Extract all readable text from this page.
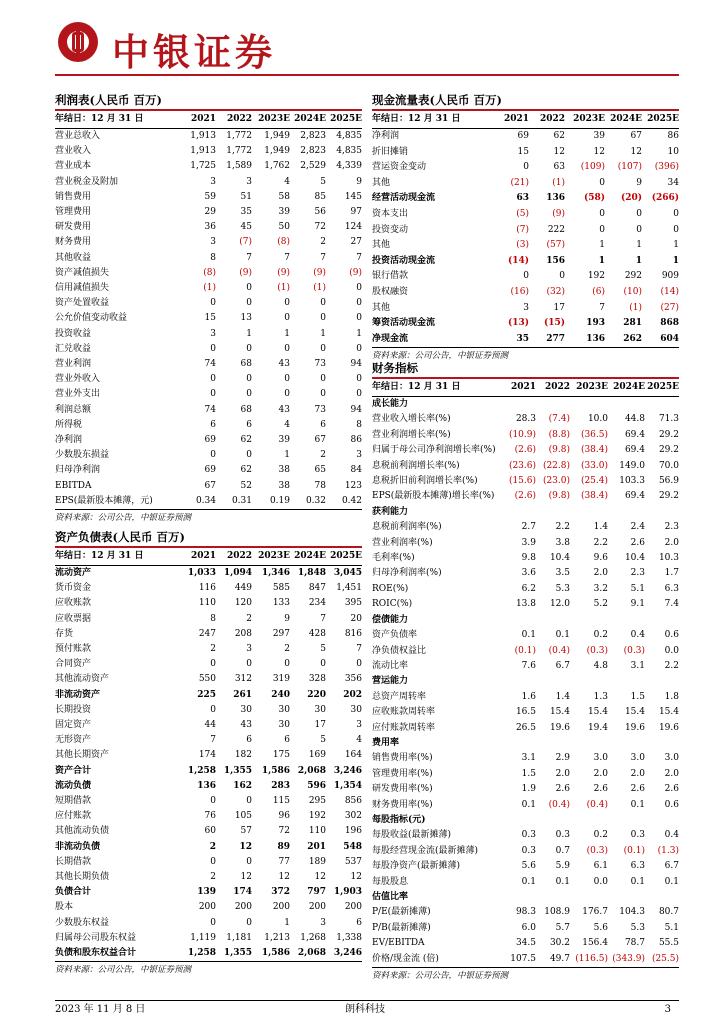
中银证券
利润表(人民币 百万)
年结日：12 月 31 日	2021	2022	2023E	2024E	2025E
营业总收入	1,913	1,772	1,949	2,823	4,835
营业收入	1,913	1,772	1,949	2,823	4,835
营业成本	1,725	1,589	1,762	2,529	4,339
营业税金及附加	3	3	4	5	9
销售费用	59	51	58	85	145
管理费用	29	35	39	56	97
研发费用	36	45	50	72	124
财务费用	3	(7)	(8)	2	27
其他收益	8	7	7	7	7
资产减值损失	(8)	(9)	(9)	(9)	(9)
信用减值损失	(1)	0	(1)	(1)	0
资产处置收益	0	0	0	0	0
公允价值变动收益	15	13	0	0	0
投资收益	3	1	1	1	1
汇兑收益	0	0	0	0	0
营业利润	74	68	43	73	94
营业外收入	0	0	0	0	0
营业外支出	0	0	0	0	0
利润总额	74	68	43	73	94
所得税	6	6	4	6	8
净利润	69	62	39	67	86
少数股东损益	0	0	1	2	3
归母净利润	69	62	38	65	84
EBITDA	67	52	38	78	123
EPS(最新股本摊薄，元)	0.34	0.31	0.19	0.32	0.42
资料来源：公司公告，中银证券预测
资产负债表(人民币 百万)
年结日：12 月 31 日	2021	2022	2023E	2024E	2025E
流动资产	1,033	1,094	1,346	1,848	3,045
货币资金	116	449	585	847	1,451
应收账款	110	120	133	234	395
应收票据	8	2	9	7	20
存货	247	208	297	428	816
预付账款	2	3	2	5	7
合同资产	0	0	0	0	0
其他流动资产	550	312	319	328	356
非流动资产	225	261	240	220	202
长期投资	0	30	30	30	30
固定资产	44	43	30	17	3
无形资产	7	6	6	5	4
其他长期资产	174	182	175	169	164
资产合计	1,258	1,355	1,586	2,068	3,246
流动负债	136	162	283	596	1,354
短期借款	0	0	115	295	856
应付账款	76	105	96	192	302
其他流动负债	60	57	72	110	196
非流动负债	2	12	89	201	548
长期借款	0	0	77	189	537
其他长期负债	2	12	12	12	12
负债合计	139	174	372	797	1,903
股本	200	200	200	200	200
少数股东权益	0	0	1	3	6
归属母公司股东权益	1,119	1,181	1,213	1,268	1,338
负债和股东权益合计	1,258	1,355	1,586	2,068	3,246
资料来源：公司公告，中银证券预测
现金流量表(人民币 百万)
年结日：12 月 31 日	2021	2022	2023E	2024E	2025E
净利润	69	62	39	67	86
折旧摊销	15	12	12	12	10
营运资金变动	0	63	(109)	(107)	(396)
其他	(21)	(1)	0	9	34
经营活动现金流	63	136	(58)	(20)	(266)
资本支出	(5)	(9)	0	0	0
投资变动	(7)	222	0	0	0
其他	(3)	(57)	1	1	1
投资活动现金流	(14)	156	1	1	1
银行借款	0	0	192	292	909
股权融资	(16)	(32)	(6)	(10)	(14)
其他	3	17	7	(1)	(27)
筹资活动现金流	(13)	(15)	193	281	868
净现金流	35	277	136	262	604
资料来源：公司公告，中银证券预测
财务指标
年结日：12 月 31 日	2021	2022	2023E	2024E	2025E
成长能力					
营业收入增长率(%)	28.3	(7.4)	10.0	44.8	71.3
营业利润增长率(%)	(10.9)	(8.8)	(36.5)	69.4	29.2
归属于母公司净利润增长率(%)	(2.6)	(9.8)	(38.4)	69.4	29.2
息税前利润增长率(%)	(23.6)	(22.8)	(33.0)	149.0	70.0
息税折旧前利润增长率(%)	(15.6)	(23.0)	(25.4)	103.3	56.9
EPS(最新股本摊薄)增长率(%)	(2.6)	(9.8)	(38.4)	69.4	29.2
获利能力					
息税前利润率(%)	2.7	2.2	1.4	2.4	2.3
营业利润率(%)	3.9	3.8	2.2	2.6	2.0
毛利率(%)	9.8	10.4	9.6	10.4	10.3
归母净利润率(%)	3.6	3.5	2.0	2.3	1.7
ROE(%)	6.2	5.3	3.2	5.1	6.3
ROIC(%)	13.8	12.0	5.2	9.1	7.4
偿债能力					
资产负债率	0.1	0.1	0.2	0.4	0.6
净负债权益比	(0.1)	(0.4)	(0.3)	(0.3)	0.0
流动比率	7.6	6.7	4.8	3.1	2.2
营运能力					
总资产周转率	1.6	1.4	1.3	1.5	1.8
应收账款周转率	16.5	15.4	15.4	15.4	15.4
应付账款周转率	26.5	19.6	19.4	19.6	19.6
费用率					
销售费用率(%)	3.1	2.9	3.0	3.0	3.0
管理费用率(%)	1.5	2.0	2.0	2.0	2.0
研发费用率(%)	1.9	2.6	2.6	2.6	2.6
财务费用率(%)	0.1	(0.4)	(0.4)	0.1	0.6
每股指标(元)					
每股收益(最新摊薄)	0.3	0.3	0.2	0.3	0.4
每股经营现金流(最新摊薄)	0.3	0.7	(0.3)	(0.1)	(1.3)
每股净资产(最新摊薄)	5.6	5.9	6.1	6.3	6.7
每股股息	0.1	0.1	0.0	0.1	0.1
估值比率					
P/E(最新摊薄)	98.3	108.9	176.7	104.3	80.7
P/B(最新摊薄)	6.0	5.7	5.6	5.3	5.1
EV/EBITDA	34.5	30.2	156.4	78.7	55.5
价格/现金流 (倍)	107.5	49.7	(116.5)	(343.9)	(25.5)
资料来源：公司公告，中银证券预测
2023 年 11 月 8 日	朗科科技	3
